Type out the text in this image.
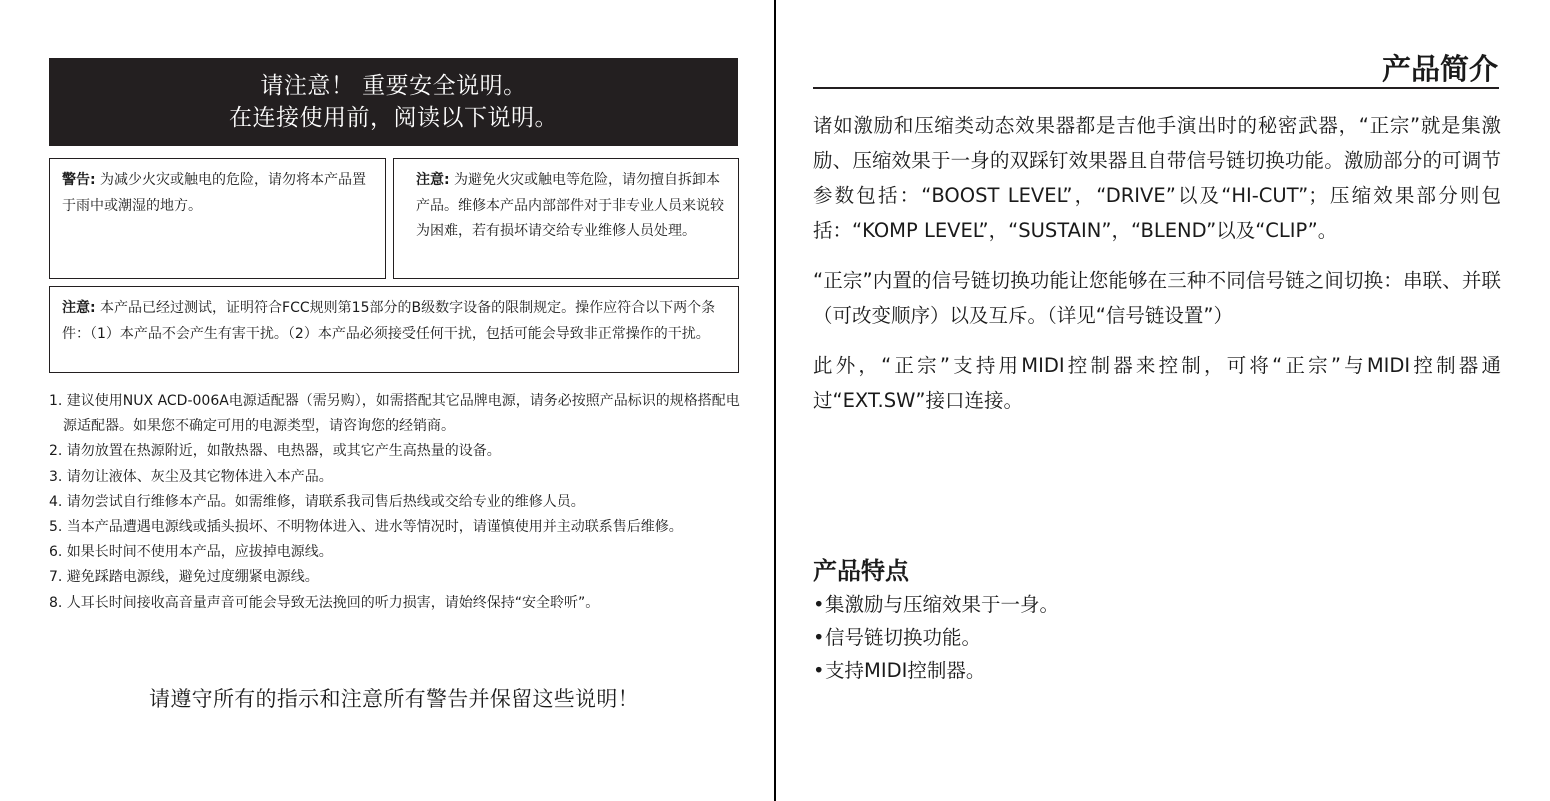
请注意！ 重要安全说明。
在连接使用前，阅读以下说明。
警告: 为减少火灾或触电的危险，请勿将本产品置于雨中或潮湿的地方。
注意: 为避免火灾或触电等危险，请勿擅自拆卸本产品。维修本产品内部部件对于非专业人员来说较为困难，若有损坏请交给专业维修人员处理。
注意: 本产品已经过测试，证明符合FCC规则第15部分的B级数字设备的限制规定。操作应符合以下两个条件：（1）本产品不会产生有害干扰。（2）本产品必须接受任何干扰，包括可能会导致非正常操作的干扰。
1. 建议使用NUX ACD-006A电源适配器（需另购），如需搭配其它品牌电源，请务必按照产品标识的规格搭配电源适配器。如果您不确定可用的电源类型，请咨询您的经销商。
2. 请勿放置在热源附近，如散热器、电热器，或其它产生高热量的设备。
3. 请勿让液体、灰尘及其它物体进入本产品。
4. 请勿尝试自行维修本产品。如需维修，请联系我司售后热线或交给专业的维修人员。
5. 当本产品遭遇电源线或插头损坏、不明物体进入、进水等情况时，请谨慎使用并主动联系售后维修。
6. 如果长时间不使用本产品，应拔掉电源线。
7. 避免踩踏电源线，避免过度绷紧电源线。
8. 人耳长时间接收高音量声音可能会导致无法挽回的听力损害，请始终保持“安全聆听”。
请遵守所有的指示和注意所有警告并保留这些说明！
产品简介

诸如激励和压缩类动态效果器都是吉他手演出时的秘密武器，“正宗”就是集激励、压缩效果于一身的双踩钉效果器且自带信号链切换功能。激励部分的可调节参数包括：“BOOST LEVEL”，“DRIVE”以及“HI-CUT”；压缩效果部分则包括：“KOMP LEVEL”，“SUSTAIN”，“BLEND”以及“CLIP”。

“正宗”内置的信号链切换功能让您能够在三种不同信号链之间切换：串联、并联（可改变顺序）以及互斥。（详见“信号链设置”）

此外，“正宗”支持用MIDI控制器来控制，可将“正宗”与MIDI控制器通过“EXT.SW”接口连接。

产品特点
•集激励与压缩效果于一身。
•信号链切换功能。
•支持MIDI控制器。
